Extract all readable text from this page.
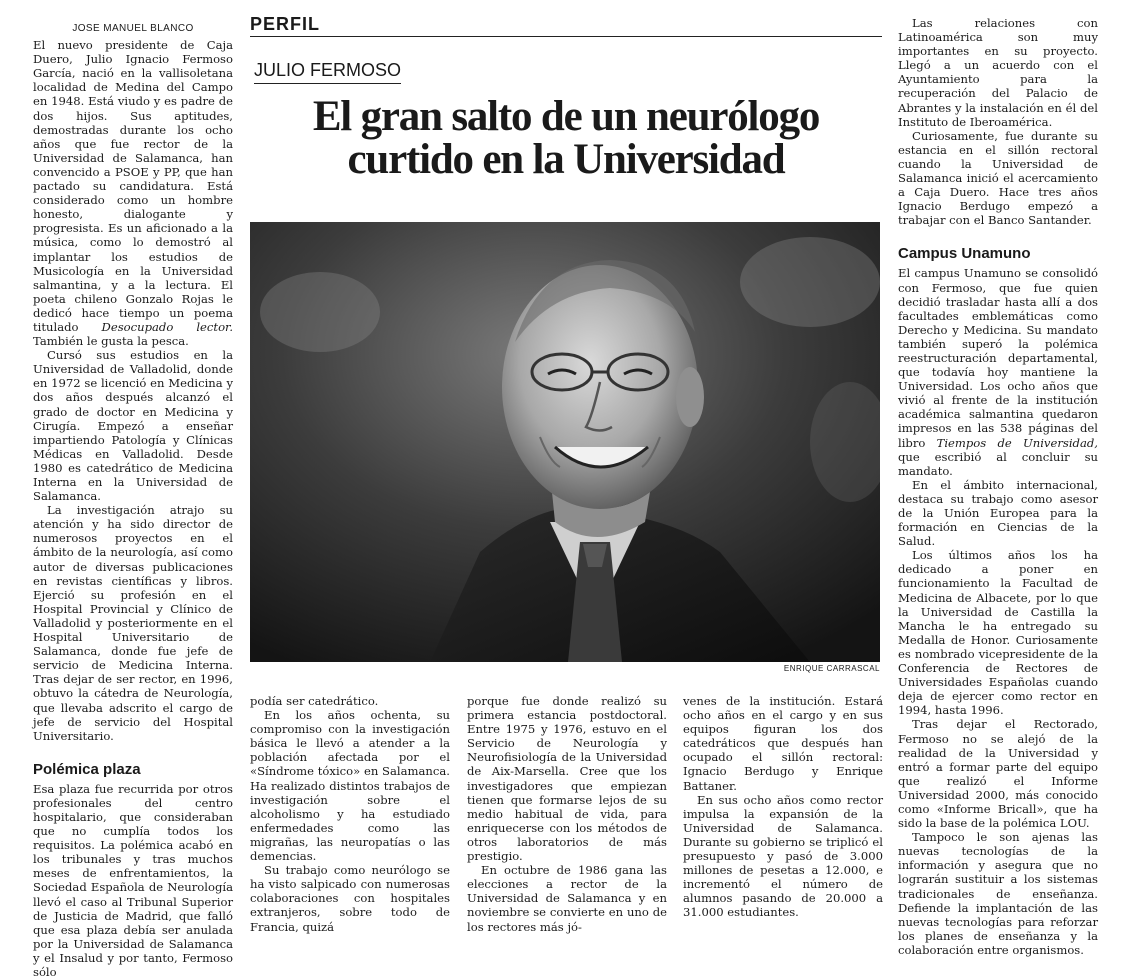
JOSE MANUEL BLANCO

El nuevo presidente de Caja Duero, Julio Ignacio Fermoso García, nació en la vallisoletana localidad de Medina del Campo en 1948. Está viudo y es padre de dos hijos. Sus aptitudes, demostradas durante los ocho años que fue rector de la Universidad de Salamanca, han convencido a PSOE y PP, que han pactado su candidatura. Está considerado como un hombre honesto, dialogante y progresista. Es un aficionado a la música, como lo demostró al implantar los estudios de Musicología en la Universidad salmantina, y a la lectura. El poeta chileno Gonzalo Rojas le dedicó hace tiempo un poema titulado Desocupado lector. También le gusta la pesca.

Cursó sus estudios en la Universidad de Valladolid, donde en 1972 se licenció en Medicina y dos años después alcanzó el grado de doctor en Medicina y Cirugía. Empezó a enseñar impartiendo Patología y Clínicas Médicas en Valladolid. Desde 1980 es catedrático de Medicina Interna en la Universidad de Salamanca.

La investigación atrajo su atención y ha sido director de numerosos proyectos en el ámbito de la neurología, así como autor de diversas publicaciones en revistas científicas y libros. Ejerció su profesión en el Hospital Provincial y Clínico de Valladolid y posteriormente en el Hospital Universitario de Salamanca, donde fue jefe de servicio de Medicina Interna. Tras dejar de ser rector, en 1996, obtuvo la cátedra de Neurología, que llevaba adscrito el cargo de jefe de servicio del Hospital Universitario.

Polémica plaza

Esa plaza fue recurrida por otros profesionales del centro hospitalario, que consideraban que no cumplía todos los requisitos. La polémica acabó en los tribunales y tras muchos meses de enfrentamientos, la Sociedad Española de Neurología llevó el caso al Tribunal Superior de Justicia de Madrid, que falló que esa plaza debía ser anulada por la Universidad de Salamanca y el Insalud y por tanto, Fermoso sólo

PERFIL
JULIO FERMOSO
El gran salto de un neurólogo
curtido en la Universidad
ENRIQUE CARRASCAL

podía ser catedrático.

En los años ochenta, su compromiso con la investigación básica le llevó a atender a la población afectada por el «Síndrome tóxico» en Salamanca. Ha realizado distintos trabajos de investigación sobre el alcoholismo y ha estudiado enfermedades como las migrañas, las neuropatías o las demencias.

Su trabajo como neurólogo se ha visto salpicado con numerosas colaboraciones con hospitales extranjeros, sobre todo de Francia, quizá

porque fue donde realizó su primera estancia postdoctoral. Entre 1975 y 1976, estuvo en el Servicio de Neurología y Neurofisiología de la Universidad de Aix-Marsella. Cree que los investigadores que empiezan tienen que formarse lejos de su medio habitual de vida, para enriquecerse con los métodos de otros laboratorios de más prestigio.

En octubre de 1986 gana las elecciones a rector de la Universidad de Salamanca y en noviembre se convierte en uno de los rectores más jó-

venes de la institución. Estará ocho años en el cargo y en sus equipos figuran los dos catedráticos que después han ocupado el sillón rectoral: Ignacio Berdugo y Enrique Battaner.

En sus ocho años como rector impulsa la expansión de la Universidad de Salamanca. Durante su gobierno se triplicó el presupuesto y pasó de 3.000 millones de pesetas a 12.000, e incrementó el número de alumnos pasando de 20.000 a 31.000 estudiantes.

Las relaciones con Latinoamérica son muy importantes en su proyecto. Llegó a un acuerdo con el Ayuntamiento para la recuperación del Palacio de Abrantes y la instalación en él del Instituto de Iberoamérica.

Curiosamente, fue durante su estancia en el sillón rectoral cuando la Universidad de Salamanca inició el acercamiento a Caja Duero. Hace tres años Ignacio Berdugo empezó a trabajar con el Banco Santander.

Campus Unamuno

El campus Unamuno se consolidó con Fermoso, que fue quien decidió trasladar hasta allí a dos facultades emblemáticas como Derecho y Medicina. Su mandato también superó la polémica reestructuración departamental, que todavía hoy mantiene la Universidad. Los ocho años que vivió al frente de la institución académica salmantina quedaron impresos en las 538 páginas del libro Tiempos de Universidad, que escribió al concluir su mandato.

En el ámbito internacional, destaca su trabajo como asesor de la Unión Europea para la formación en Ciencias de la Salud.

Los últimos años los ha dedicado a poner en funcionamiento la Facultad de Medicina de Albacete, por lo que la Universidad de Castilla la Mancha le ha entregado su Medalla de Honor. Curiosamente es nombrado vicepresidente de la Conferencia de Rectores de Universidades Españolas cuando deja de ejercer como rector en 1994, hasta 1996.

Tras dejar el Rectorado, Fermoso no se alejó de la realidad de la Universidad y entró a formar parte del equipo que realizó el Informe Universidad 2000, más conocido como «Informe Bricall», que ha sido la base de la polémica LOU.

Tampoco le son ajenas las nuevas tecnologías de la información y asegura que no lograrán sustituir a los sistemas tradicionales de enseñanza. Defiende la implantación de las nuevas tecnologías para reforzar los planes de enseñanza y la colaboración entre organismos.
